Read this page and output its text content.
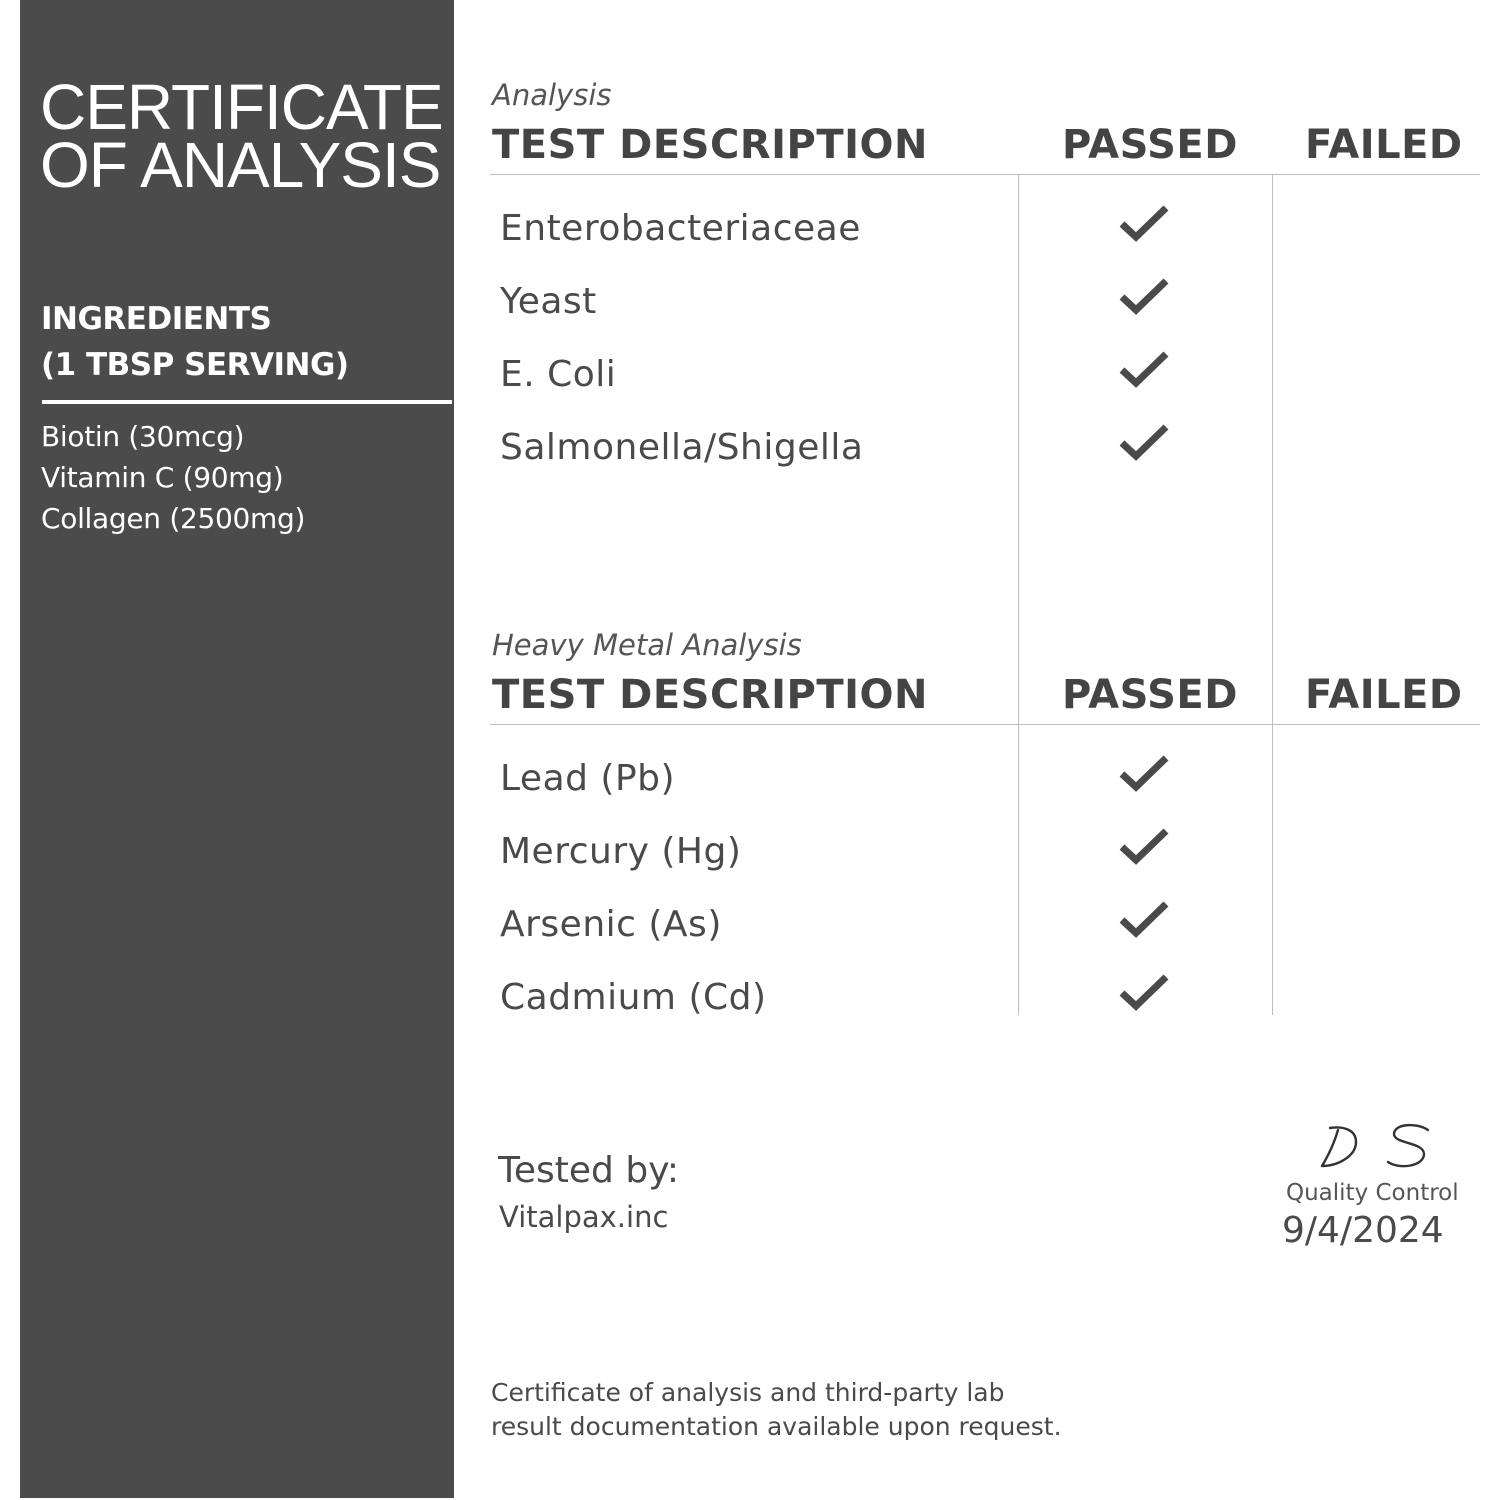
CERTIFICATE
OF ANALYSIS
INGREDIENTS
(1 TBSP SERVING)
Biotin (30mcg)
Vitamin C (90mg)
Collagen (2500mg)
Analysis
TEST DESCRIPTION	PASSED FAILED
Enterobacteriaceae
Yeast
E. Coli
Salmonella/Shigella
Heavy Metal Analysis
TEST DESCRIPTION	PASSED FAILED
Lead (Pb)
Mercury (Hg)
Arsenic (As)
Cadmium (Cd)
Tested by:
Vitalpax.inc
Quality Control
9/4/2024

Certificate of analysis and third-party lab
result documentation available upon request.
